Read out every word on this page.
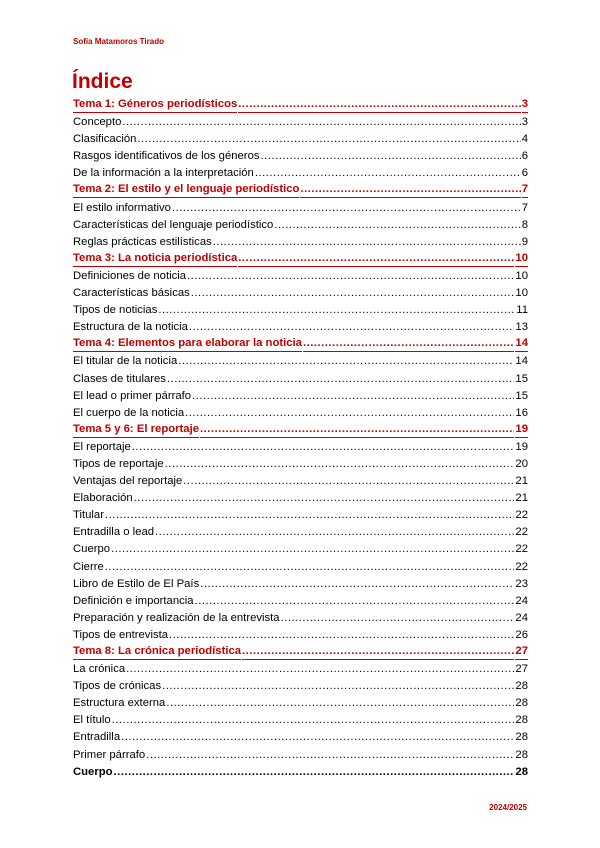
Sofía Matamoros Tirado
Índice
Tema 1: Géneros periodísticos .....	3
Concepto .....	3
Clasificación .....	4
Rasgos identificativos de los géneros .....	6
De la información a la interpretación .....	6
Tema 2: El estilo y el lenguaje periodístico .....	7
El estilo informativo .....	7
Características del lenguaje periodístico .....	8
Reglas prácticas estilísticas .....	9
Tema 3: La noticia periodística .....	10
Definiciones de noticia .....	10
Características básicas .....	10
Tipos de noticias .....	11
Estructura de la noticia .....	13
Tema 4: Elementos para elaborar la noticia .....	14
El titular de la noticia .....	14
Clases de titulares .....	15
El lead o primer párrafo .....	15
El cuerpo de la noticia .....	16
Tema 5 y 6: El reportaje .....	19
El reportaje .....	19
Tipos de reportaje .....	20
Ventajas del reportaje .....	21
Elaboración .....	21
Titular .....	22
Entradilla o lead .....	22
Cuerpo .....	22
Cierre .....	22
Libro de Estilo de El País .....	23
Definición e importancia .....	24
Preparación y realización de la entrevista .....	24
Tipos de entrevista .....	26
Tema 8: La crónica periodística .....	27
La crónica .....	27
Tipos de crónicas .....	28
Estructura externa .....	28
El título .....	28
Entradilla .....	28
Primer párrafo .....	28
Cuerpo .....	28
2024/2025
